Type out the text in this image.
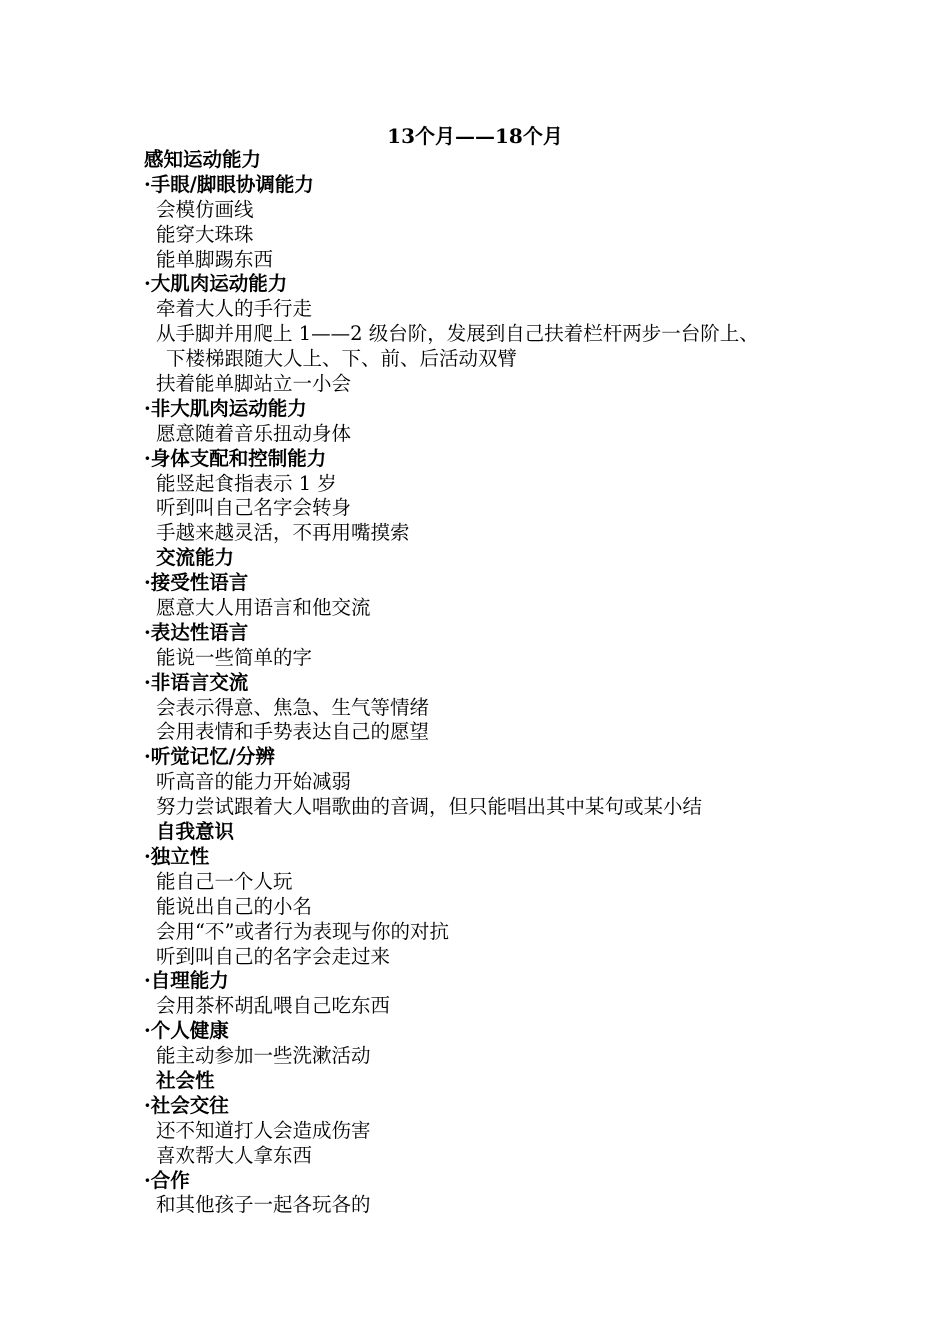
13个月——18个月
感知运动能力
·手眼/脚眼协调能力
会模仿画线
能穿大珠珠
能单脚踢东西
·大肌肉运动能力
牵着大人的手行走
从手脚并用爬上 1——2 级台阶，发展到自己扶着栏杆两步一台阶上、
下楼梯跟随大人上、下、前、后活动双臂
扶着能单脚站立一小会
·非大肌肉运动能力
愿意随着音乐扭动身体
·身体支配和控制能力
能竖起食指表示 1 岁
听到叫自己名字会转身
手越来越灵活，不再用嘴摸索
交流能力
·接受性语言
愿意大人用语言和他交流
·表达性语言
能说一些简单的字
·非语言交流
会表示得意、焦急、生气等情绪
会用表情和手势表达自己的愿望
·听觉记忆/分辨
听高音的能力开始减弱
努力尝试跟着大人唱歌曲的音调，但只能唱出其中某句或某小结
自我意识
·独立性
能自己一个人玩
能说出自己的小名
会用“不”或者行为表现与你的对抗
听到叫自己的名字会走过来
·自理能力
会用茶杯胡乱喂自己吃东西
·个人健康
能主动参加一些洗漱活动
社会性
·社会交往
还不知道打人会造成伤害
喜欢帮大人拿东西
·合作
和其他孩子一起各玩各的
